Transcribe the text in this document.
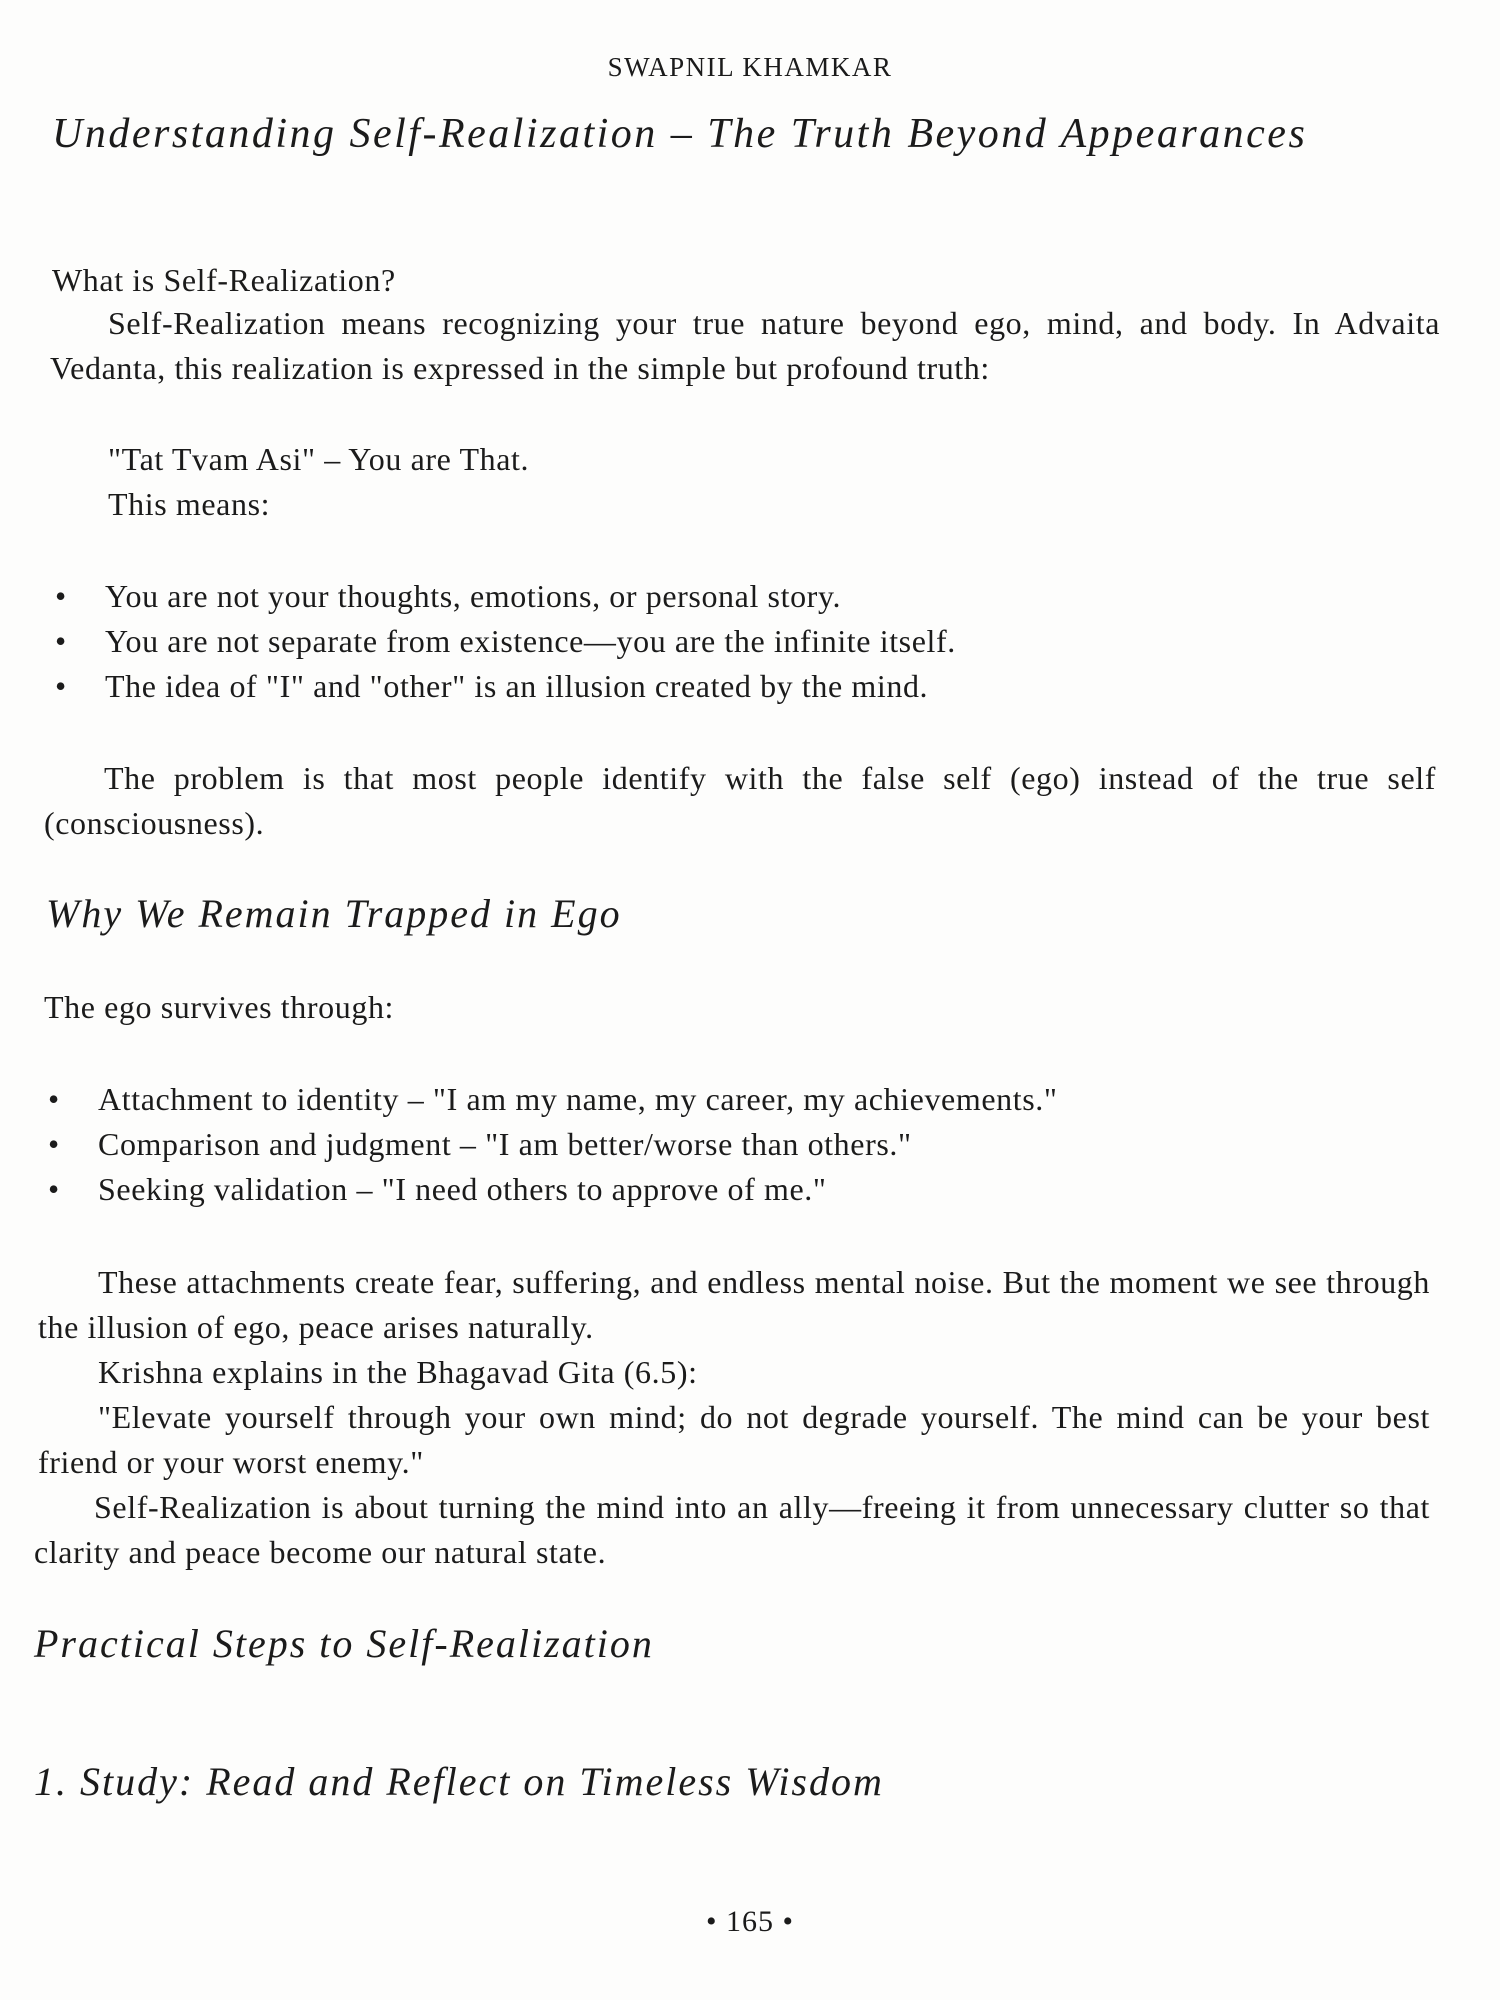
SWAPNIL KHAMKAR
Understanding Self-Realization – The Truth Beyond Appearances

What is Self-Realization?

Self-Realization means recognizing your true nature beyond ego, mind, and body. In Advaita Vedanta, this realization is expressed in the simple but profound truth:

"Tat Tvam Asi" – You are That.

This means:

• You are not your thoughts, emotions, or personal story.
• You are not separate from existence—you are the infinite itself.
• The idea of "I" and "other" is an illusion created by the mind.

The problem is that most people identify with the false self (ego) instead of the true self (consciousness).

Why We Remain Trapped in Ego

The ego survives through:

• Attachment to identity – "I am my name, my career, my achievements."
• Comparison and judgment – "I am better/worse than others."
• Seeking validation – "I need others to approve of me."

These attachments create fear, suffering, and endless mental noise. But the moment we see through the illusion of ego, peace arises naturally.

Krishna explains in the Bhagavad Gita (6.5):

"Elevate yourself through your own mind; do not degrade yourself. The mind can be your best friend or your worst enemy."

Self-Realization is about turning the mind into an ally—freeing it from unnecessary clutter so that clarity and peace become our natural state.

Practical Steps to Self-Realization
1. Study: Read and Reflect on Timeless Wisdom
• 165 •
